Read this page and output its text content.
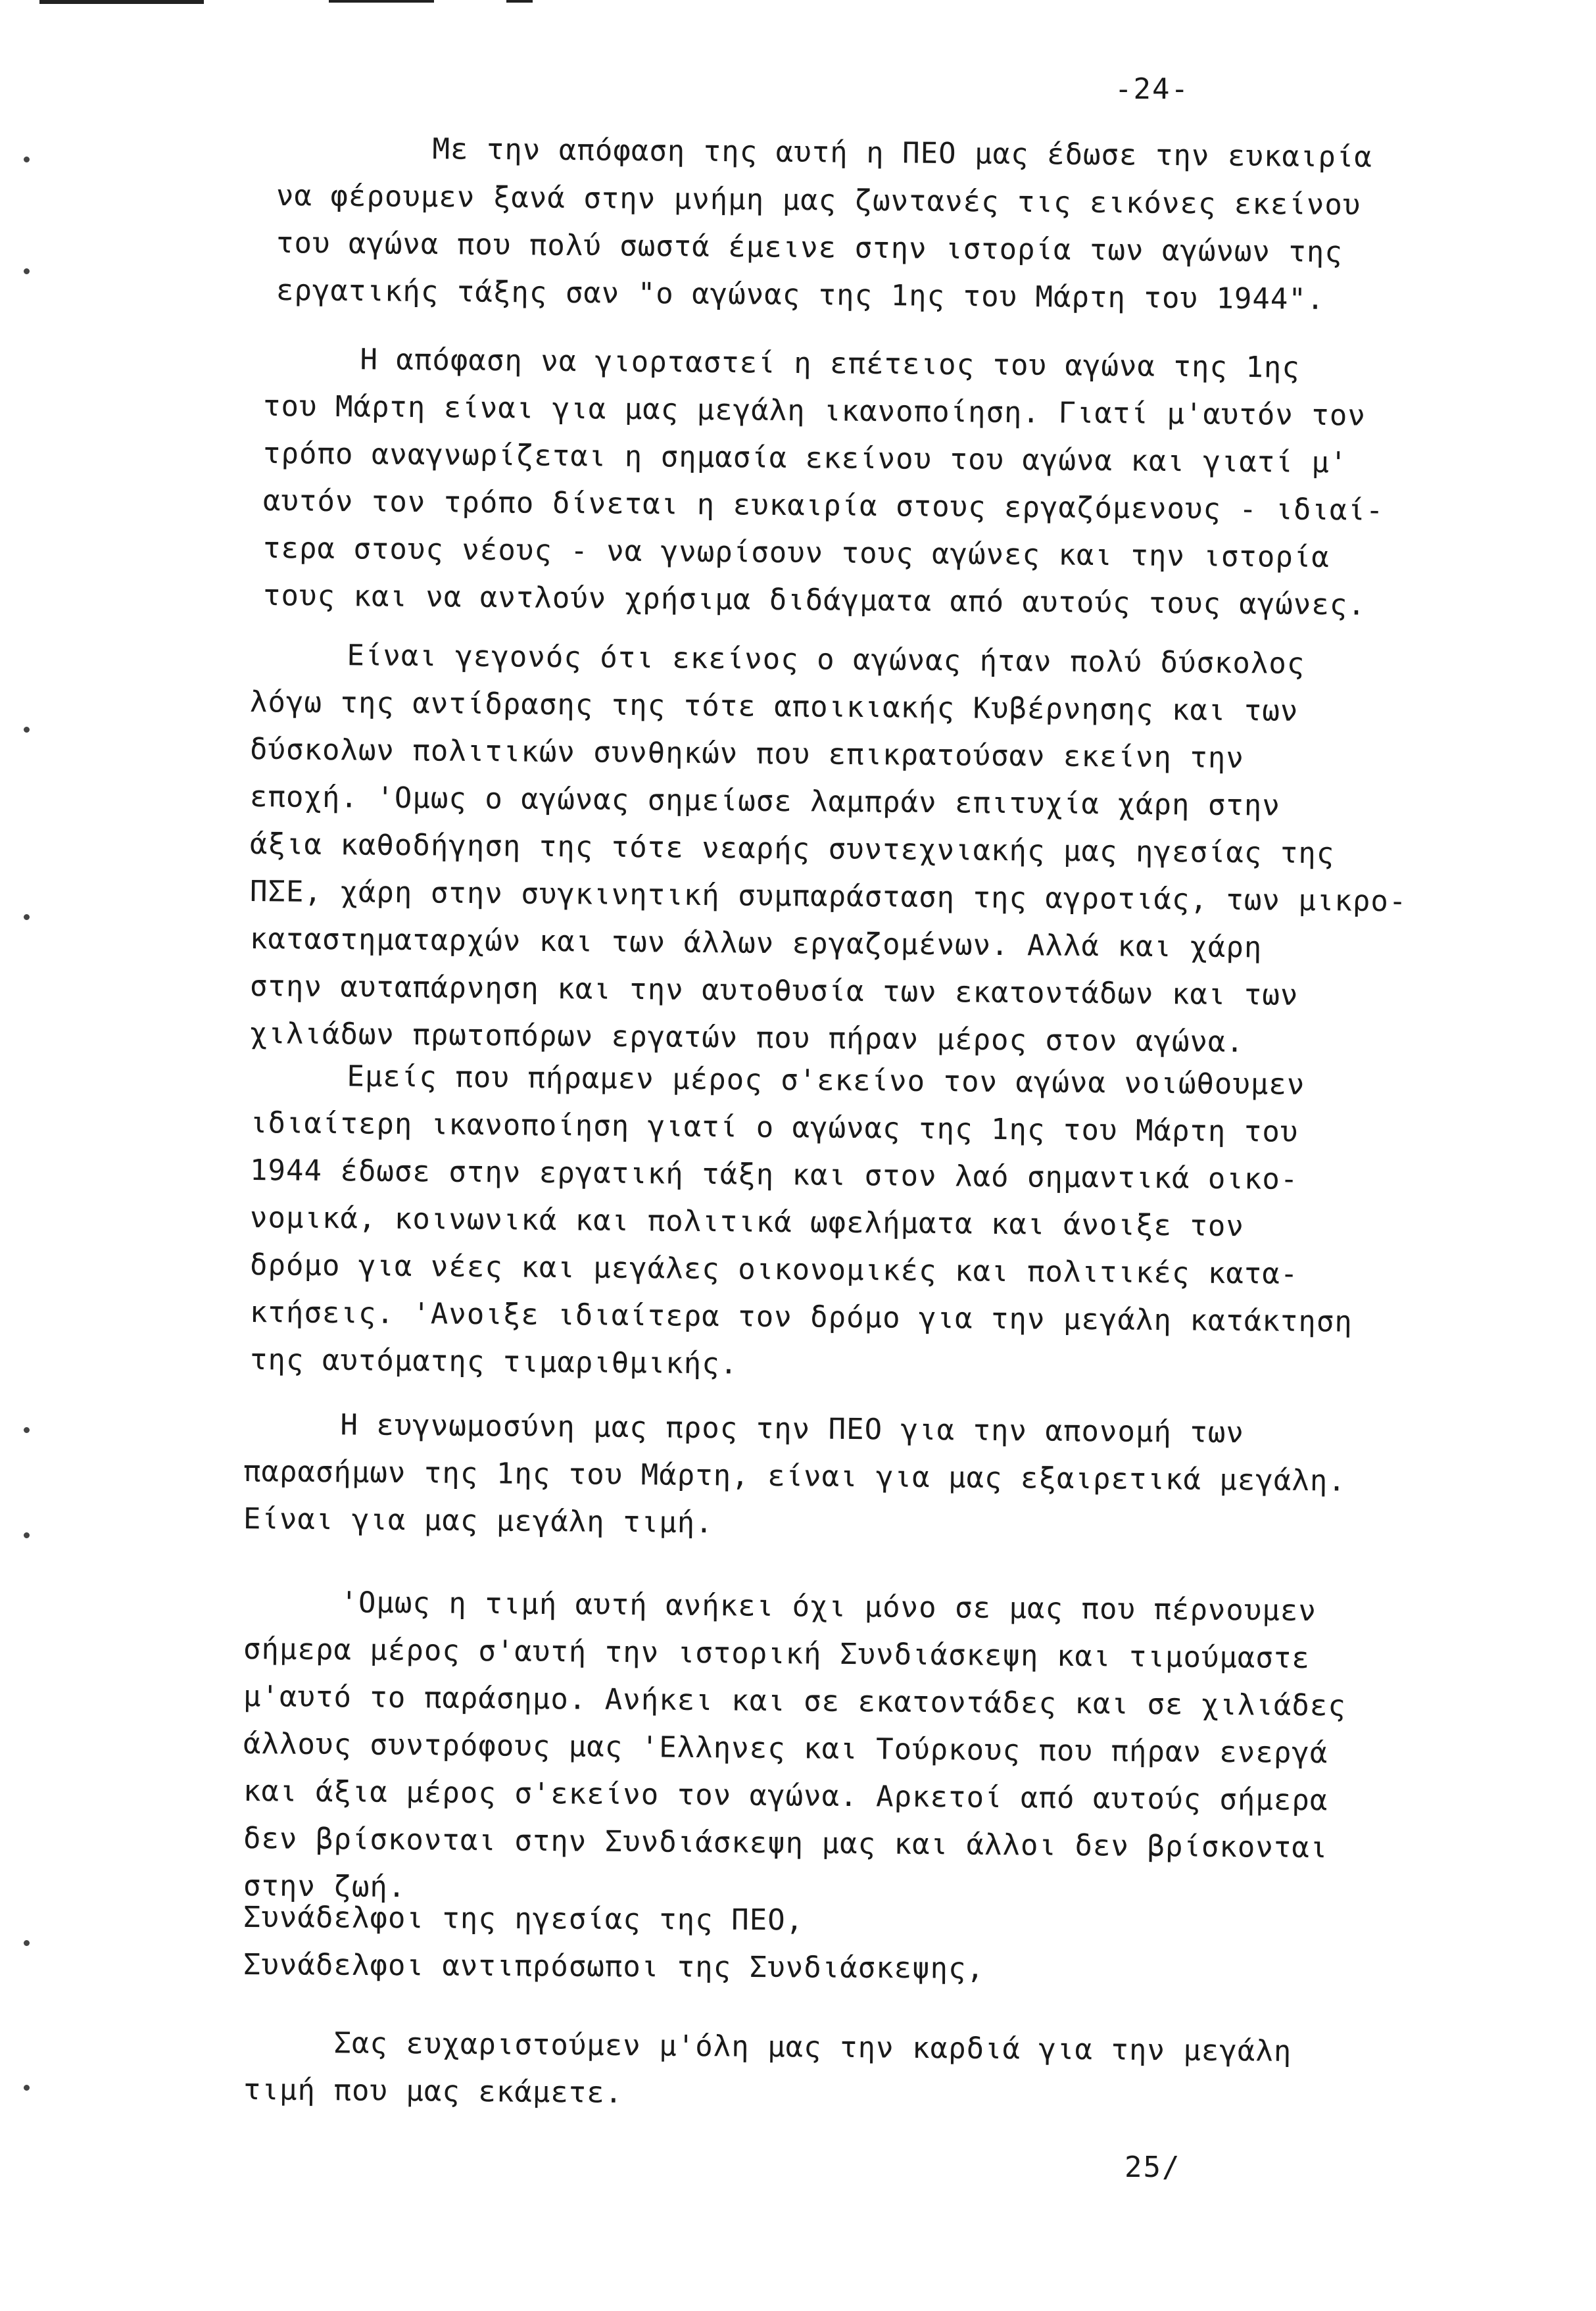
-24-
Με την απόφαση της αυτή η ΠΕΟ μας έδωσε την ευκαιρία
να φέρουμεν ξανά στην μνήμη μας ζωντανές τις εικόνες εκείνου
του αγώνα που πολύ σωστά έμεινε στην ιστορία των αγώνων της
εργατικής τάξης σαν "ο αγώνας της 1ης του Μάρτη του 1944".
Η απόφαση να γιορταστεί η επέτειος του αγώνα της 1ης
του Μάρτη είναι για μας μεγάλη ικανοποίηση. Γιατί μ'αυτόν τον
τρόπο αναγνωρίζεται η σημασία εκείνου του αγώνα και γιατί μ'
αυτόν τον τρόπο δίνεται η ευκαιρία στους εργαζόμενους - ιδιαί-
τερα στους νέους - να γνωρίσουν τους αγώνες και την ιστορία
τους και να αντλούν χρήσιμα διδάγματα από αυτούς τους αγώνες.
Είναι γεγονός ότι εκείνος ο αγώνας ήταν πολύ δύσκολος
λόγω της αντίδρασης της τότε αποικιακής Κυβέρνησης και των
δύσκολων πολιτικών συνθηκών που επικρατούσαν εκείνη την
εποχή. 'Ομως ο αγώνας σημείωσε λαμπράν επιτυχία χάρη στην
άξια καθοδήγηση της τότε νεαρής συντεχνιακής μας ηγεσίας της
ΠΣΕ, χάρη στην συγκινητική συμπαράσταση της αγροτιάς, των μικρο-
καταστηματαρχών και των άλλων εργαζομένων. Αλλά και χάρη
στην αυταπάρνηση και την αυτοθυσία των εκατοντάδων και των
χιλιάδων πρωτοπόρων εργατών που πήραν μέρος στον αγώνα.
Εμείς που πήραμεν μέρος σ'εκείνο τον αγώνα νοιώθουμεν
ιδιαίτερη ικανοποίηση γιατί ο αγώνας της 1ης του Μάρτη του
1944 έδωσε στην εργατική τάξη και στον λαό σημαντικά οικο-
νομικά, κοινωνικά και πολιτικά ωφελήματα και άνοιξε τον
δρόμο για νέες και μεγάλες οικονομικές και πολιτικές κατα-
κτήσεις. 'Ανοιξε ιδιαίτερα τον δρόμο για την μεγάλη κατάκτηση
της αυτόματης τιμαριθμικής.
Η ευγνωμοσύνη μας προς την ΠΕΟ για την απονομή των
παρασήμων της 1ης του Μάρτη, είναι για μας εξαιρετικά μεγάλη.
Είναι για μας μεγάλη τιμή.
'Ομως η τιμή αυτή ανήκει όχι μόνο σε μας που πέρνουμεν
σήμερα μέρος σ'αυτή την ιστορική Συνδιάσκεψη και τιμούμαστε
μ'αυτό το παράσημο. Ανήκει και σε εκατοντάδες και σε χιλιάδες
άλλους συντρόφους μας 'Ελληνες και Τούρκους που πήραν ενεργά
και άξια μέρος σ'εκείνο τον αγώνα. Αρκετοί από αυτούς σήμερα
δεν βρίσκονται στην Συνδιάσκεψη μας και άλλοι δεν βρίσκονται
στην ζωή.
Συνάδελφοι της ηγεσίας της ΠΕΟ,
Συνάδελφοι αντιπρόσωποι της Συνδιάσκεψης,
Σας ευχαριστούμεν μ'όλη μας την καρδιά για την μεγάλη
τιμή που μας εκάμετε.
25/
